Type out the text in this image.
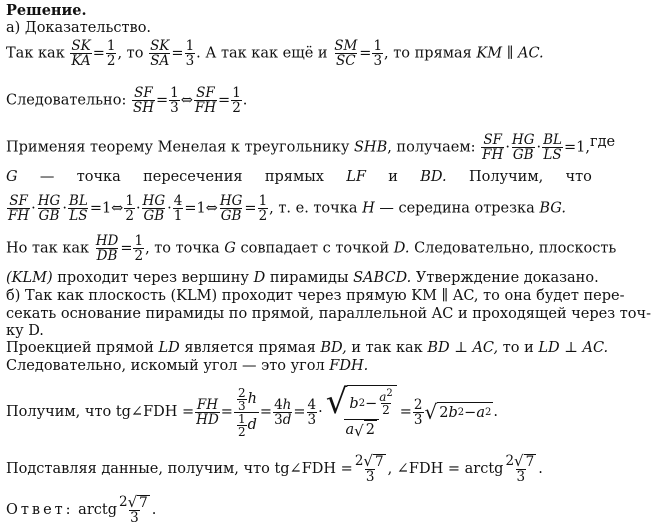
Решение.
а) Доказательство.
Так как $\frac{SK}{KA} = \frac{1}{2}$ , то $\frac{SK}{SA} = \frac{1}{3}$ . А так как ещё и $\frac{SM}{SC} = \frac{1}{3}$ , то прямая KM ∥ AC.
Следовательно: $\frac{SF}{SH} = \frac{1}{3}$ ⇔ $\frac{SF}{FH} = \frac{1}{2}$ .
Применяя теорему Менелая к треугольнику SHB, получаем: $\frac{SF}{FH} \cdot \frac{HG}{GB} \cdot \frac{BL}{LS} =1$, где
G — точка пересечения прямых LF и BD. Получим, что
$\frac{SF}{FH} \cdot \frac{HG}{GB} \cdot \frac{BL}{LS}$ =1⇔ $\frac{1}{2} \cdot \frac{HG}{GB} \cdot \frac{4}{1}$ =1⇔ $\frac{HG}{GB} = \frac{1}{2}$ , т. е. точка H — середина отрезка BG.
Но так как $\frac{HD}{DB} = \frac{1}{2}$ , то точка G совпадает с точкой D. Следовательно, плоскость
(KLM) проходит через вершину D пирамиды SABCD. Утверждение доказано.
б) Так как плоскость (KLM) проходит через прямую KM ∥ AC, то она будет пере-
секать основание пирамиды по прямой, параллельной AC и проходящей через точ-
ку D.
Проекцией прямой LD является прямая BD, и так как BD ⊥ AC, то и LD ⊥ AC.
Следовательно, искомый угол — это угол FDH.
Получим, что
tg∠FDH = $\frac{FH}{HD}$ =
2
3 h
1
2 d
= 4h
3d = 4
3 · √ b $2 - a^2$
2
a √ 2
= 2
3 √ 2 b 2 − a 2 .
Подставляя данные, получим, что tg∠FDH = $\frac{2 √ 7}{3}$ , ∠FDH = arctg $\frac{2 √ 7}{3}$ .
Ответ: arctg $\frac{2 √ 7}{3}$ .
